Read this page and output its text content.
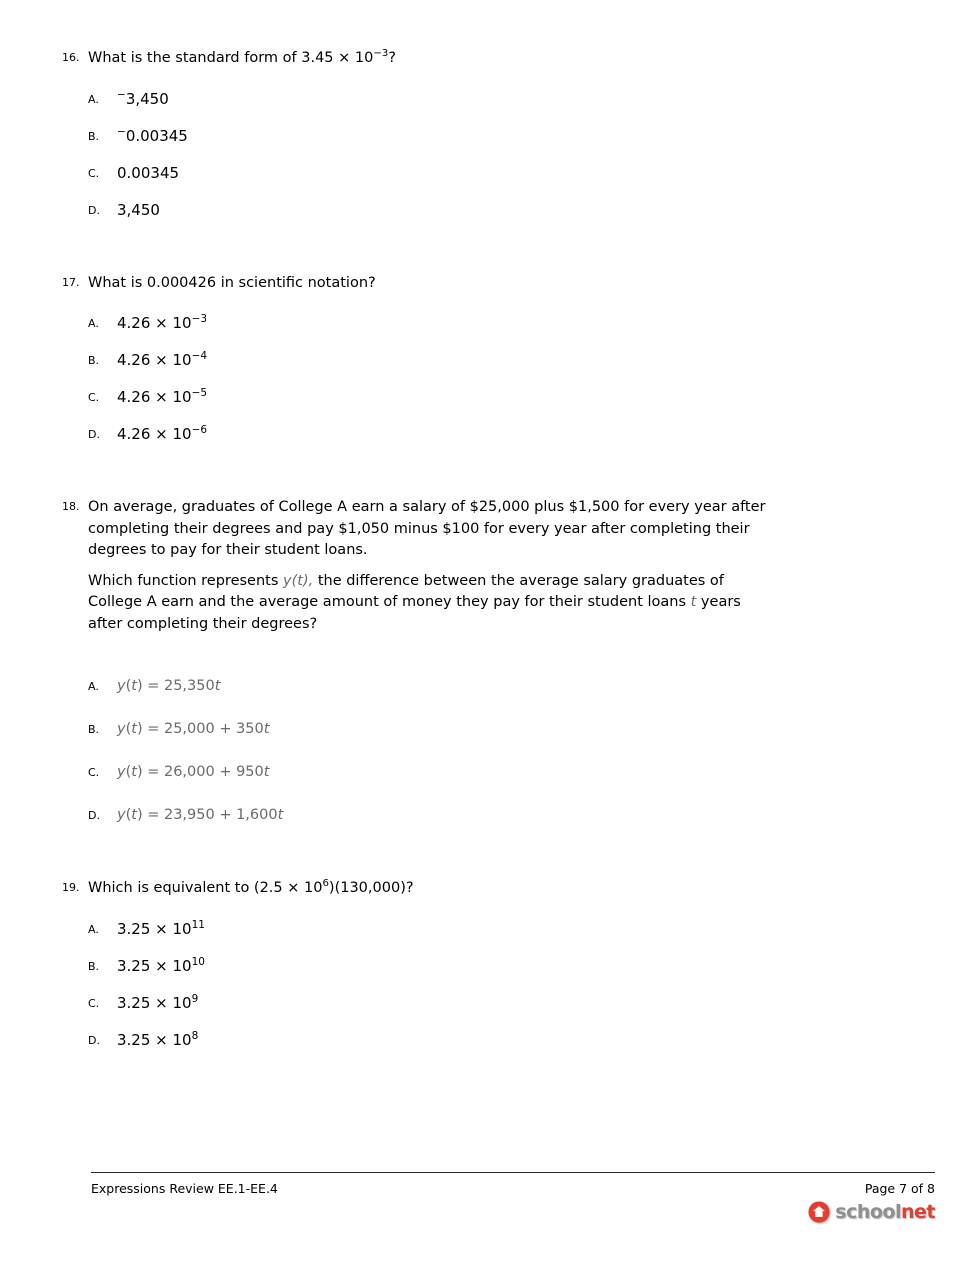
16. What is the standard form of $3.45 \times 10^{-3}$?
A.	−3,450
B.	−0.00345
C.	0.00345
D.	3,450
17. What is 0.000426 in scientific notation?
A.	$4.26 \times 10^{-3}$
B.	$4.26 \times 10^{-4}$
C.	$4.26 \times 10^{-5}$
D.	$4.26 \times 10^{-6}$
18. On average, graduates of College A earn a salary of $25,000 plus $1,500 for every year after completing their degrees and pay $1,050 minus $100 for every year after completing their degrees to pay for their student loans.
Which function represents y(t), the difference between the average salary graduates of College A earn and the average amount of money they pay for their student loans t years after completing their degrees?
A.	y(t) = 25,350t
B.	y(t) = 25,000 + 350t
C.	y(t) = 26,000 + 950t
D.	y(t) = 23,950 + 1,600t
19. Which is equivalent to $(2.5 \times 10^6)(130,000)$?
A.	$3.25 \times 10^{11}$
B.	$3.25 \times 10^{10}$
C.	$3.25 \times 10^9$
D.	$3.25 \times 10^8$
Expressions Review EE.1-EE.4	Page 7 of 8
schoolnet
